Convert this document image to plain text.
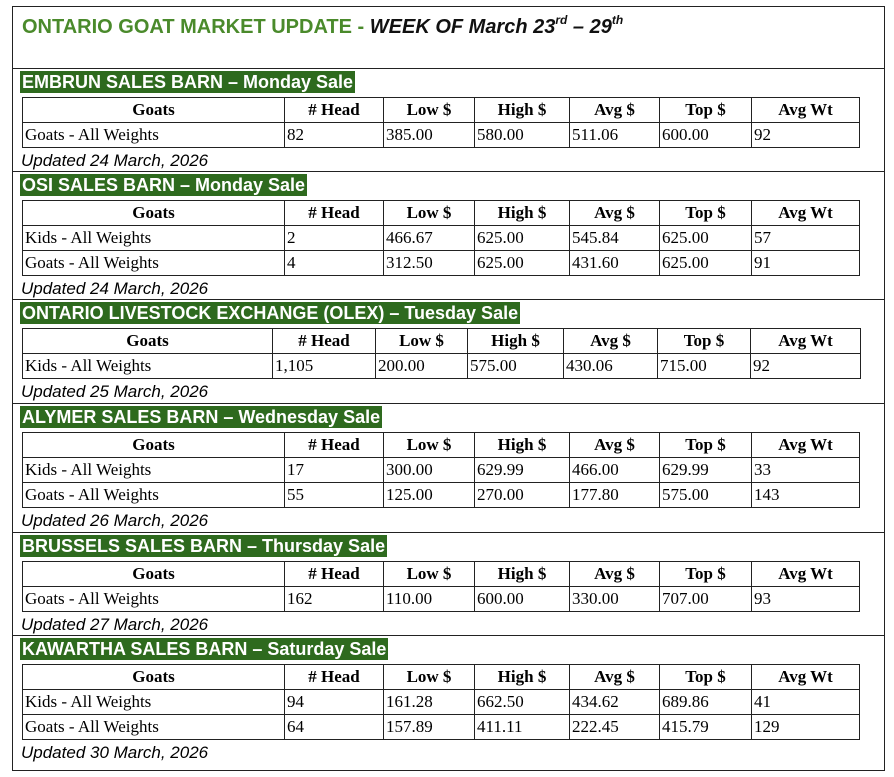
ONTARIO GOAT MARKET UPDATE - WEEK OF March 23rd – 29th
EMBRUN SALES BARN – Monday Sale
Goats	# Head	Low $	High $	Avg $	Top $	Avg Wt
Goats - All Weights	82	385.00	580.00	511.06	600.00	92
Updated 24 March, 2026
OSI SALES BARN – Monday Sale
Goats	# Head	Low $	High $	Avg $	Top $	Avg Wt
Kids - All Weights	2	466.67	625.00	545.84	625.00	57
Goats - All Weights	4	312.50	625.00	431.60	625.00	91
Updated 24 March, 2026
ONTARIO LIVESTOCK EXCHANGE (OLEX) – Tuesday Sale
Goats	# Head	Low $	High $	Avg $	Top $	Avg Wt
Kids - All Weights	1,105	200.00	575.00	430.06	715.00	92
Updated 25 March, 2026
ALYMER SALES BARN – Wednesday Sale
Goats	# Head	Low $	High $	Avg $	Top $	Avg Wt
Kids - All Weights	17	300.00	629.99	466.00	629.99	33
Goats - All Weights	55	125.00	270.00	177.80	575.00	143
Updated 26 March, 2026
BRUSSELS SALES BARN – Thursday Sale
Goats	# Head	Low $	High $	Avg $	Top $	Avg Wt
Goats - All Weights	162	110.00	600.00	330.00	707.00	93
Updated 27 March, 2026
KAWARTHA SALES BARN – Saturday Sale
Goats	# Head	Low $	High $	Avg $	Top $	Avg Wt
Kids - All Weights	94	161.28	662.50	434.62	689.86	41
Goats - All Weights	64	157.89	411.11	222.45	415.79	129
Updated 30 March, 2026
